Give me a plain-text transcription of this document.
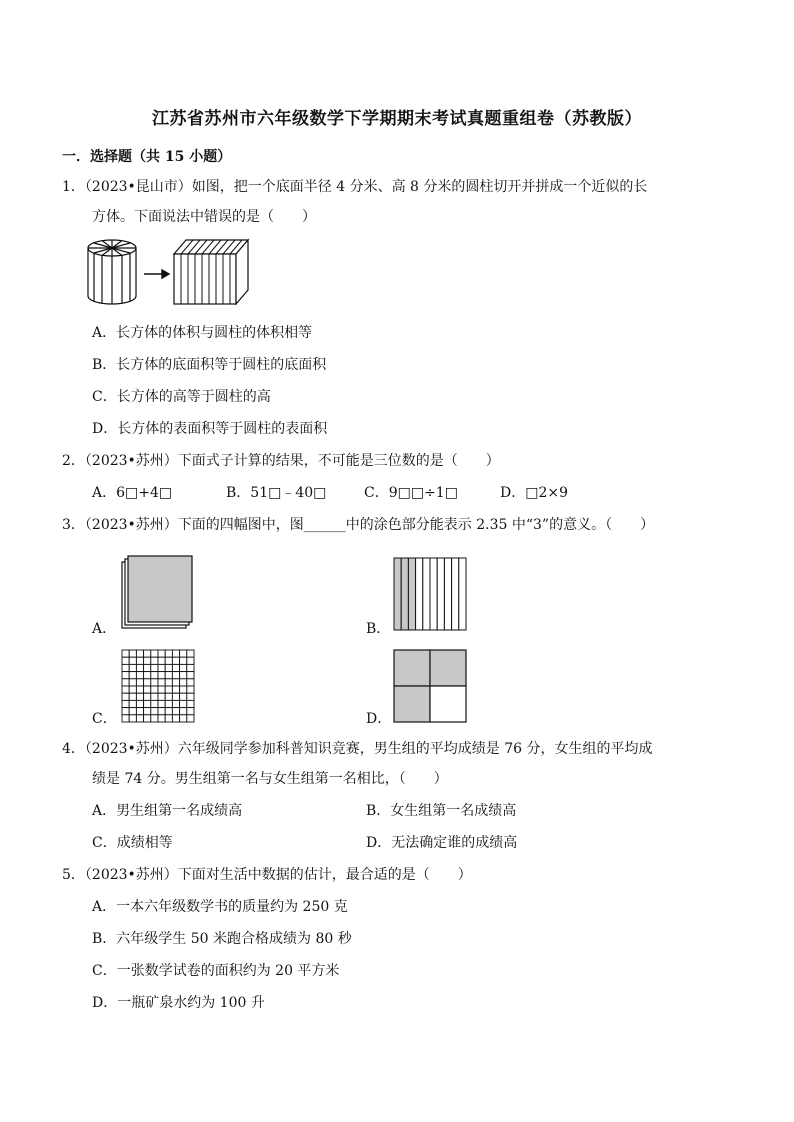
江苏省苏州市六年级数学下学期期末考试真题重组卷（苏教版）
一．选择题（共 15 小题）
1．（2023•昆山市）如图，把一个底面半径 4 分米、高 8 分米的圆柱切开并拼成一个近似的长
方体。下面说法中错误的是（　　）
A．长方体的体积与圆柱的体积相等
B．长方体的底面积等于圆柱的底面积
C．长方体的高等于圆柱的高
D．长方体的表面积等于圆柱的表面积
2．（2023•苏州）下面式子计算的结果，不可能是三位数的是（　　）
A．6□+4□	B．51□﹣40□	C．9□□÷1□	D．□2×9
3．（2023•苏州）下面的四幅图中，图______中的涂色部分能表示 2.35 中“3”的意义。（　　）
A．	B．
C．	D．
4．（2023•苏州）六年级同学参加科普知识竞赛，男生组的平均成绩是 76 分，女生组的平均成
绩是 74 分。男生组第一名与女生组第一名相比，（　　）
A．男生组第一名成绩高	B．女生组第一名成绩高
C．成绩相等	D．无法确定谁的成绩高
5．（2023•苏州）下面对生活中数据的估计，最合适的是（　　）
A．一本六年级数学书的质量约为 250 克
B．六年级学生 50 米跑合格成绩为 80 秒
C．一张数学试卷的面积约为 20 平方米
D．一瓶矿泉水约为 100 升
